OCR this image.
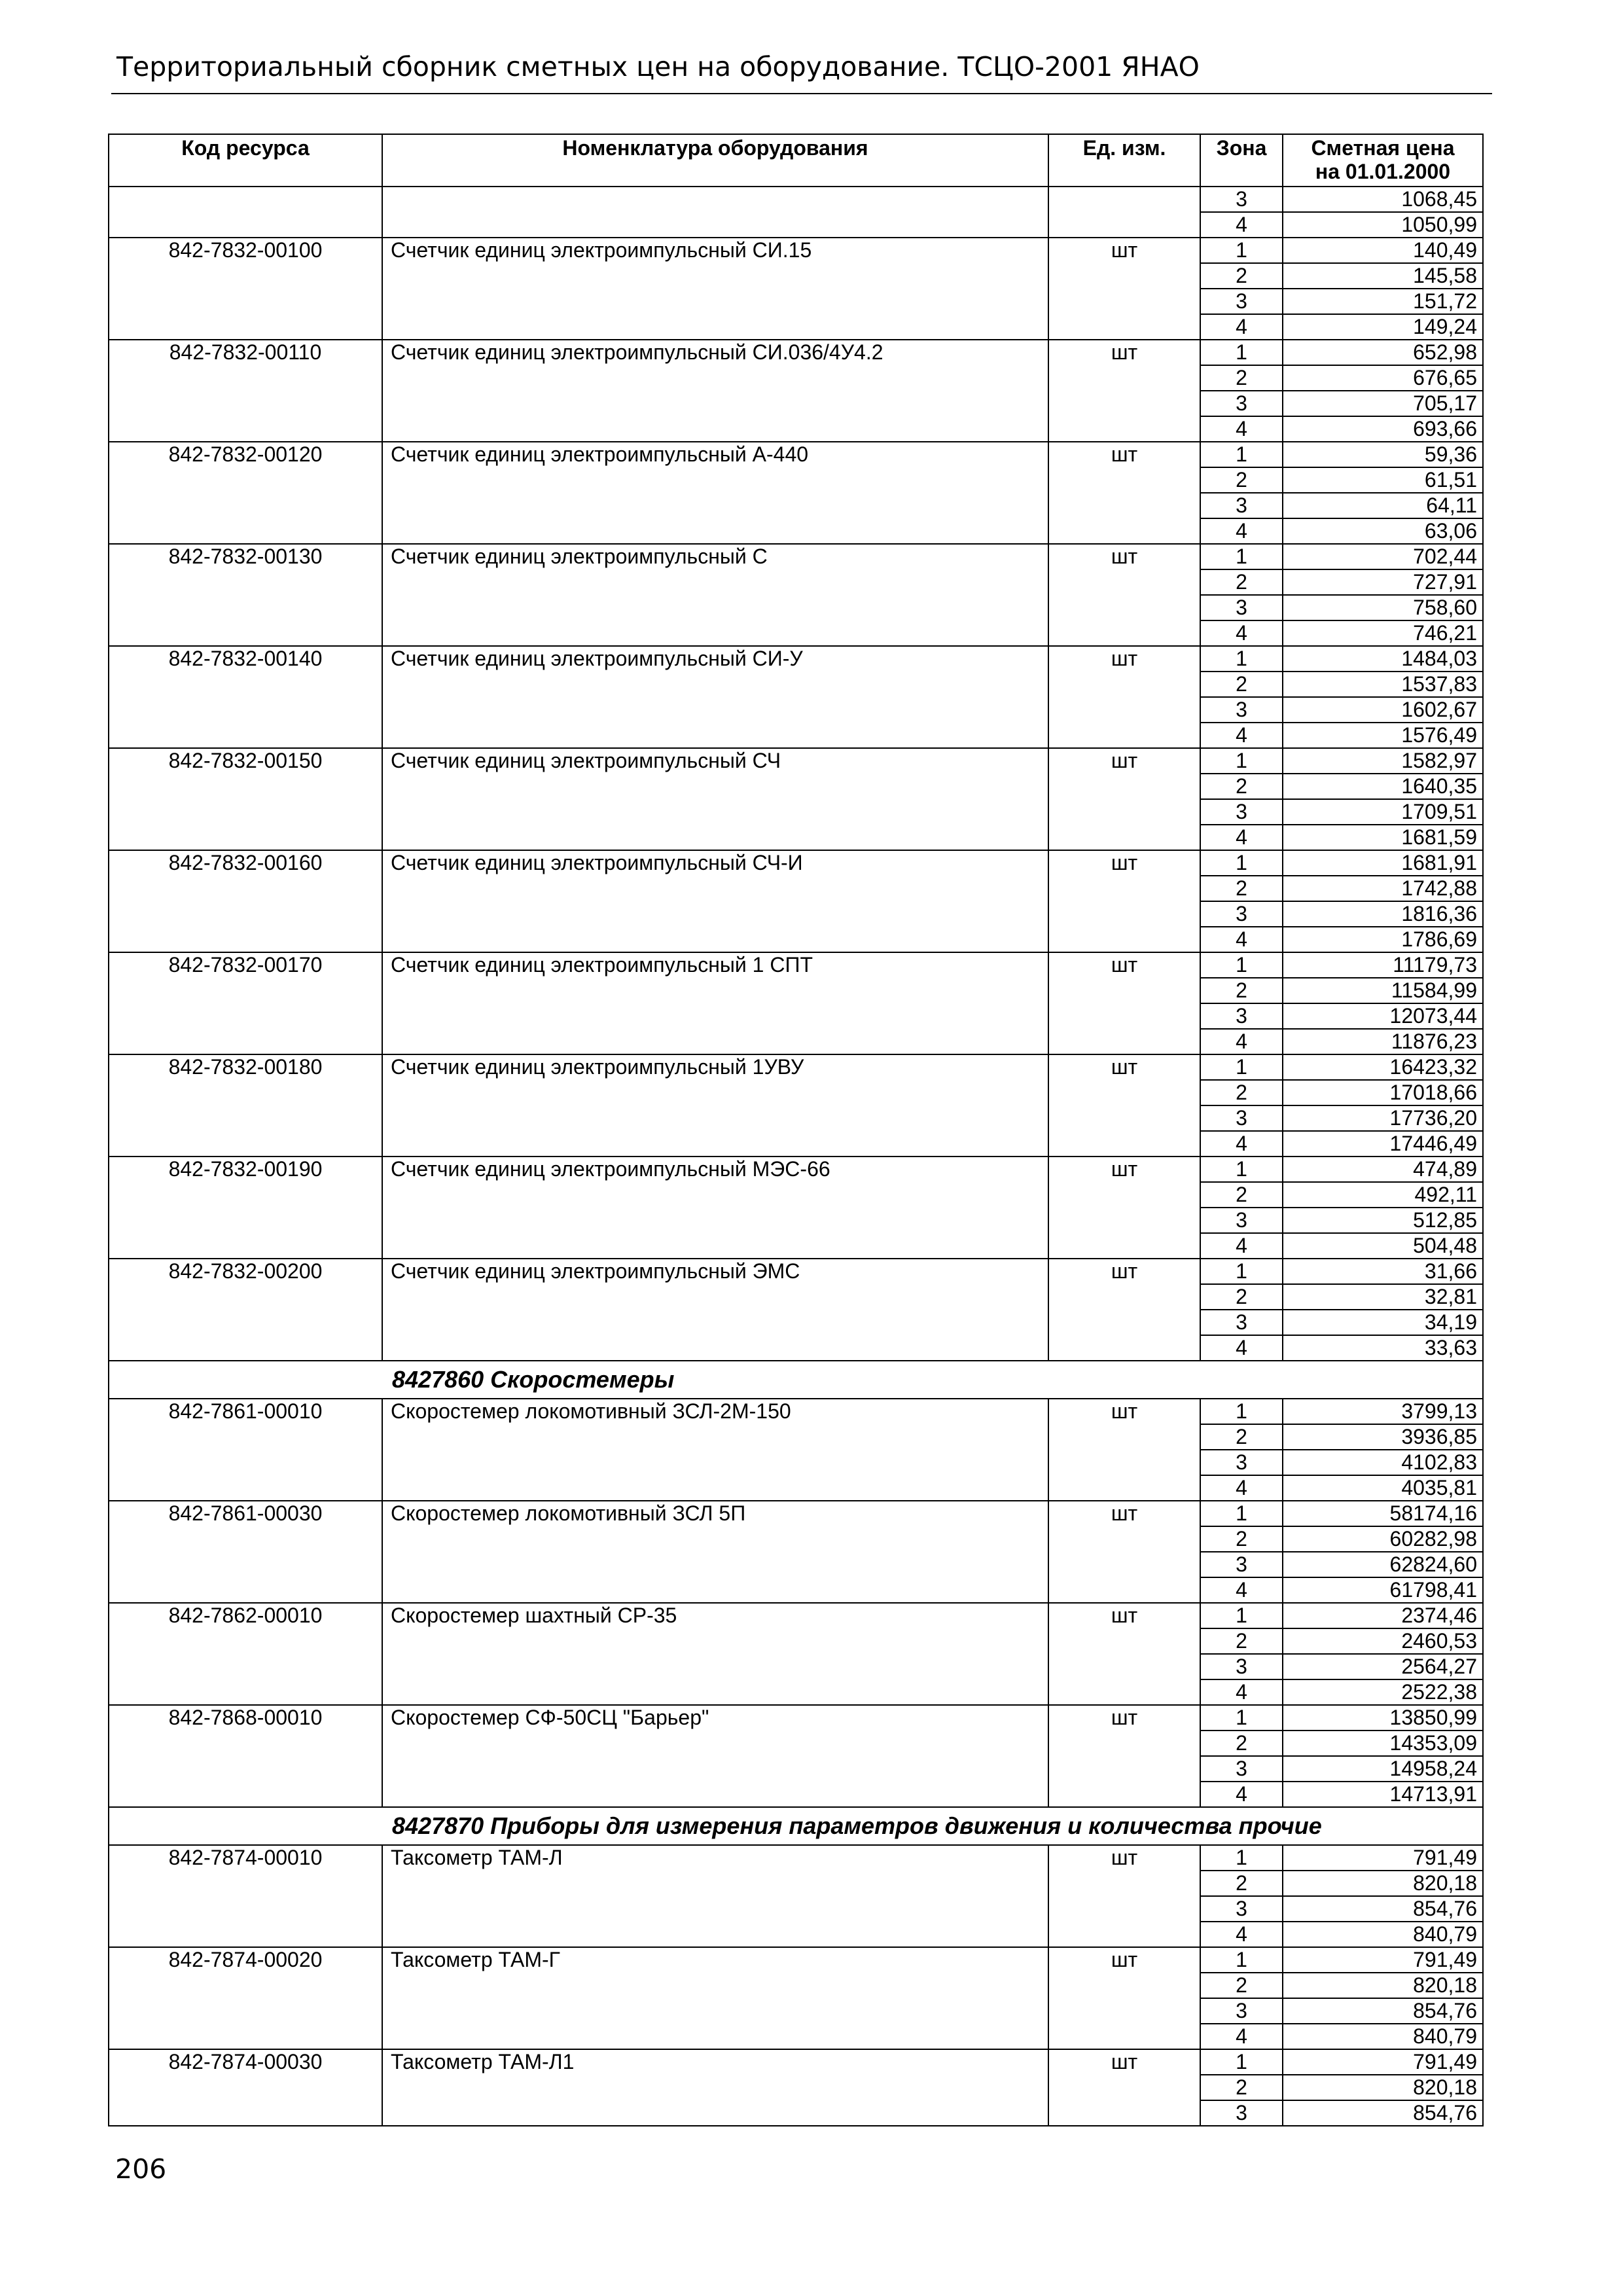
Территориальный сборник сметных цен на оборудование. ТСЦО-2001 ЯНАО
Код ресурса	Номенклатура оборудования	Ед. изм.	Зона	Сметная цена
на 01.01.2000

			3	1068,45
			4	1050,99
842-7832-00100	Счетчик единиц электроимпульсный СИ.15	шт	1	140,49
			2	145,58
			3	151,72
			4	149,24
842-7832-00110	Счетчик единиц электроимпульсный СИ.036/4У4.2	шт	1	652,98
			2	676,65
			3	705,17
			4	693,66
842-7832-00120	Счетчик единиц электроимпульсный А-440	шт	1	59,36
			2	61,51
			3	64,11
			4	63,06
842-7832-00130	Счетчик единиц электроимпульсный С	шт	1	702,44
			2	727,91
			3	758,60
			4	746,21
842-7832-00140	Счетчик единиц электроимпульсный СИ-У	шт	1	1484,03
			2	1537,83
			3	1602,67
			4	1576,49
842-7832-00150	Счетчик единиц электроимпульсный СЧ	шт	1	1582,97
			2	1640,35
			3	1709,51
			4	1681,59
842-7832-00160	Счетчик единиц электроимпульсный СЧ-И	шт	1	1681,91
			2	1742,88
			3	1816,36
			4	1786,69
842-7832-00170	Счетчик единиц электроимпульсный 1 СПТ	шт	1	11179,73
			2	11584,99
			3	12073,44
			4	11876,23
842-7832-00180	Счетчик единиц электроимпульсный 1УВУ	шт	1	16423,32
			2	17018,66
			3	17736,20
			4	17446,49
842-7832-00190	Счетчик единиц электроимпульсный МЭС-66	шт	1	474,89
			2	492,11
			3	512,85
			4	504,48
842-7832-00200	Счетчик единиц электроимпульсный ЭМС	шт	1	31,66
			2	32,81
			3	34,19
			4	33,63
8427860 Скоростемеры				
842-7861-00010	Скоростемер локомотивный ЗСЛ-2М-150	шт	1	3799,13
			2	3936,85
			3	4102,83
			4	4035,81
842-7861-00030	Скоростемер локомотивный ЗСЛ 5П	шт	1	58174,16
			2	60282,98
			3	62824,60
			4	61798,41
842-7862-00010	Скоростемер шахтный СР-35	шт	1	2374,46
			2	2460,53
			3	2564,27
			4	2522,38
842-7868-00010	Скоростемер СФ-50СЦ "Барьер"	шт	1	13850,99
			2	14353,09
			3	14958,24
			4	14713,91
8427870 Приборы для измерения параметров движения и количества прочие				
842-7874-00010	Таксометр ТАМ-Л	шт	1	791,49
			2	820,18
			3	854,76
			4	840,79
842-7874-00020	Таксометр ТАМ-Г	шт	1	791,49
			2	820,18
			3	854,76
			4	840,79
842-7874-00030	Таксометр ТАМ-Л1	шт	1	791,49
			2	820,18
			3	854,76
206
